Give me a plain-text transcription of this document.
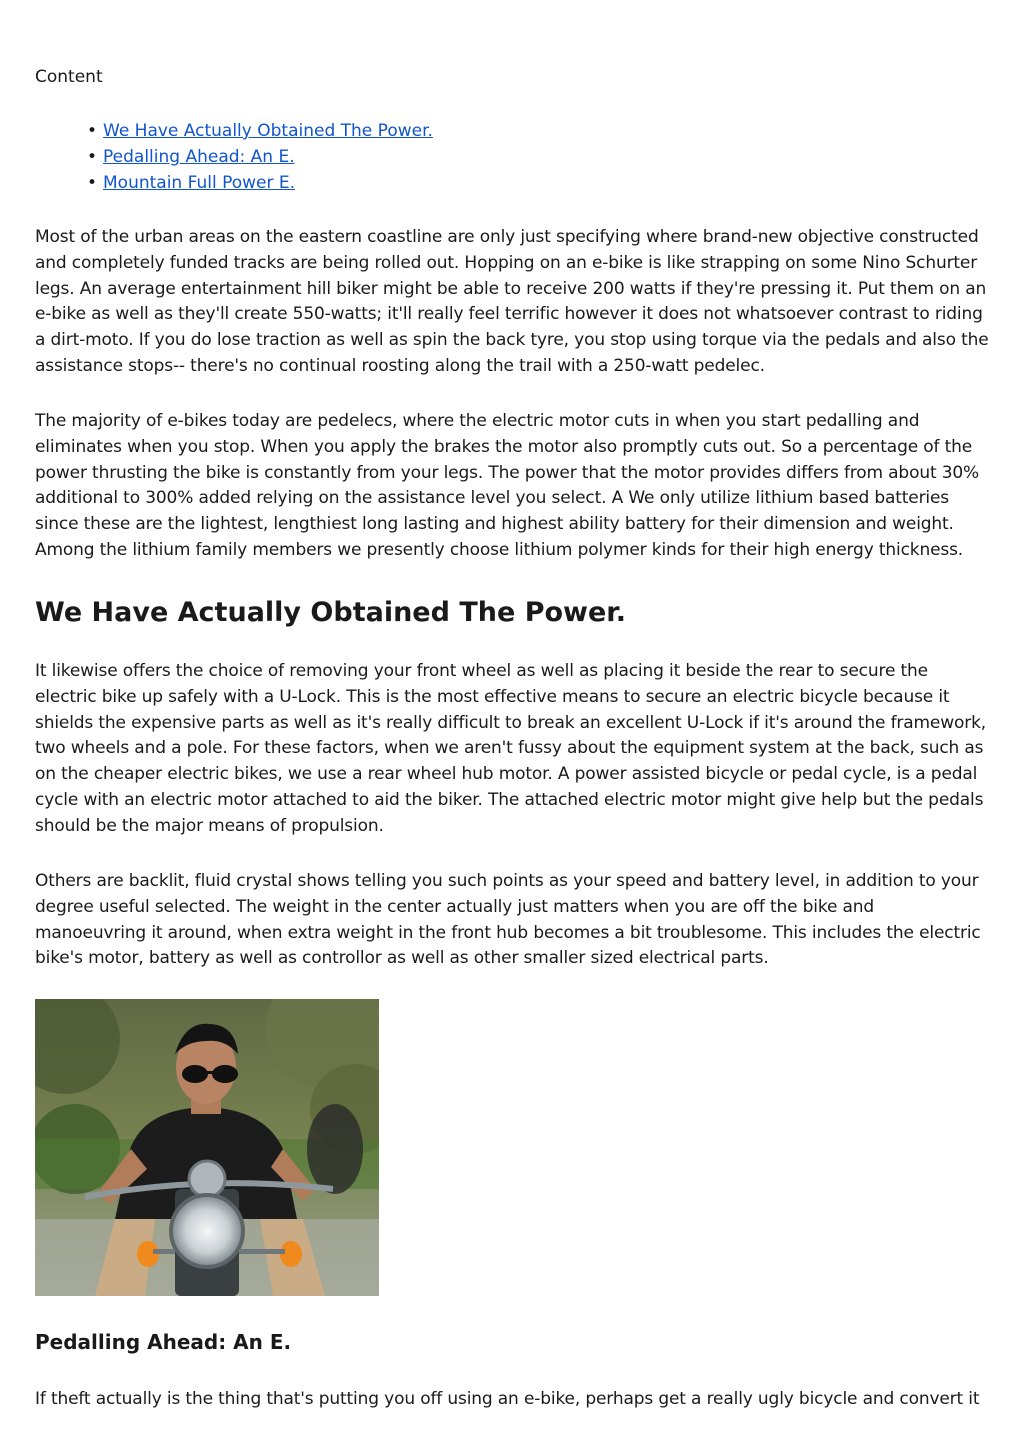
Content

• We Have Actually Obtained The Power.
• Pedalling Ahead: An E.
• Mountain Full Power E.

Most of the urban areas on the eastern coastline are only just specifying where brand-new objective constructed and completely funded tracks are being rolled out. Hopping on an e-bike is like strapping on some Nino Schurter legs. An average entertainment hill biker might be able to receive 200 watts if they're pressing it. Put them on an e-bike as well as they'll create 550-watts; it'll really feel terrific however it does not whatsoever contrast to riding a dirt-moto. If you do lose traction as well as spin the back tyre, you stop using torque via the pedals and also the assistance stops-- there's no continual roosting along the trail with a 250-watt pedelec.

The majority of e-bikes today are pedelecs, where the electric motor cuts in when you start pedalling and eliminates when you stop. When you apply the brakes the motor also promptly cuts out. So a percentage of the power thrusting the bike is constantly from your legs. The power that the motor provides differs from about 30% additional to 300% added relying on the assistance level you select. A We only utilize lithium based batteries since these are the lightest, lengthiest long lasting and highest ability battery for their dimension and weight. Among the lithium family members we presently choose lithium polymer kinds for their high energy thickness.

We Have Actually Obtained The Power.

It likewise offers the choice of removing your front wheel as well as placing it beside the rear to secure the electric bike up safely with a U-Lock. This is the most effective means to secure an electric bicycle because it shields the expensive parts as well as it's really difficult to break an excellent U-Lock if it's around the framework, two wheels and a pole. For these factors, when we aren't fussy about the equipment system at the back, such as on the cheaper electric bikes, we use a rear wheel hub motor. A power assisted bicycle or pedal cycle, is a pedal cycle with an electric motor attached to aid the biker. The attached electric motor might give help but the pedals should be the major means of propulsion.

Others are backlit, fluid crystal shows telling you such points as your speed and battery level, in addition to your degree useful selected. The weight in the center actually just matters when you are off the bike and manoeuvring it around, when extra weight in the front hub becomes a bit troublesome. This includes the electric bike's motor, battery as well as controllor as well as other smaller sized electrical parts.

Pedalling Ahead: An E.

If theft actually is the thing that's putting you off using an e-bike, perhaps get a really ugly bicycle and convert it
